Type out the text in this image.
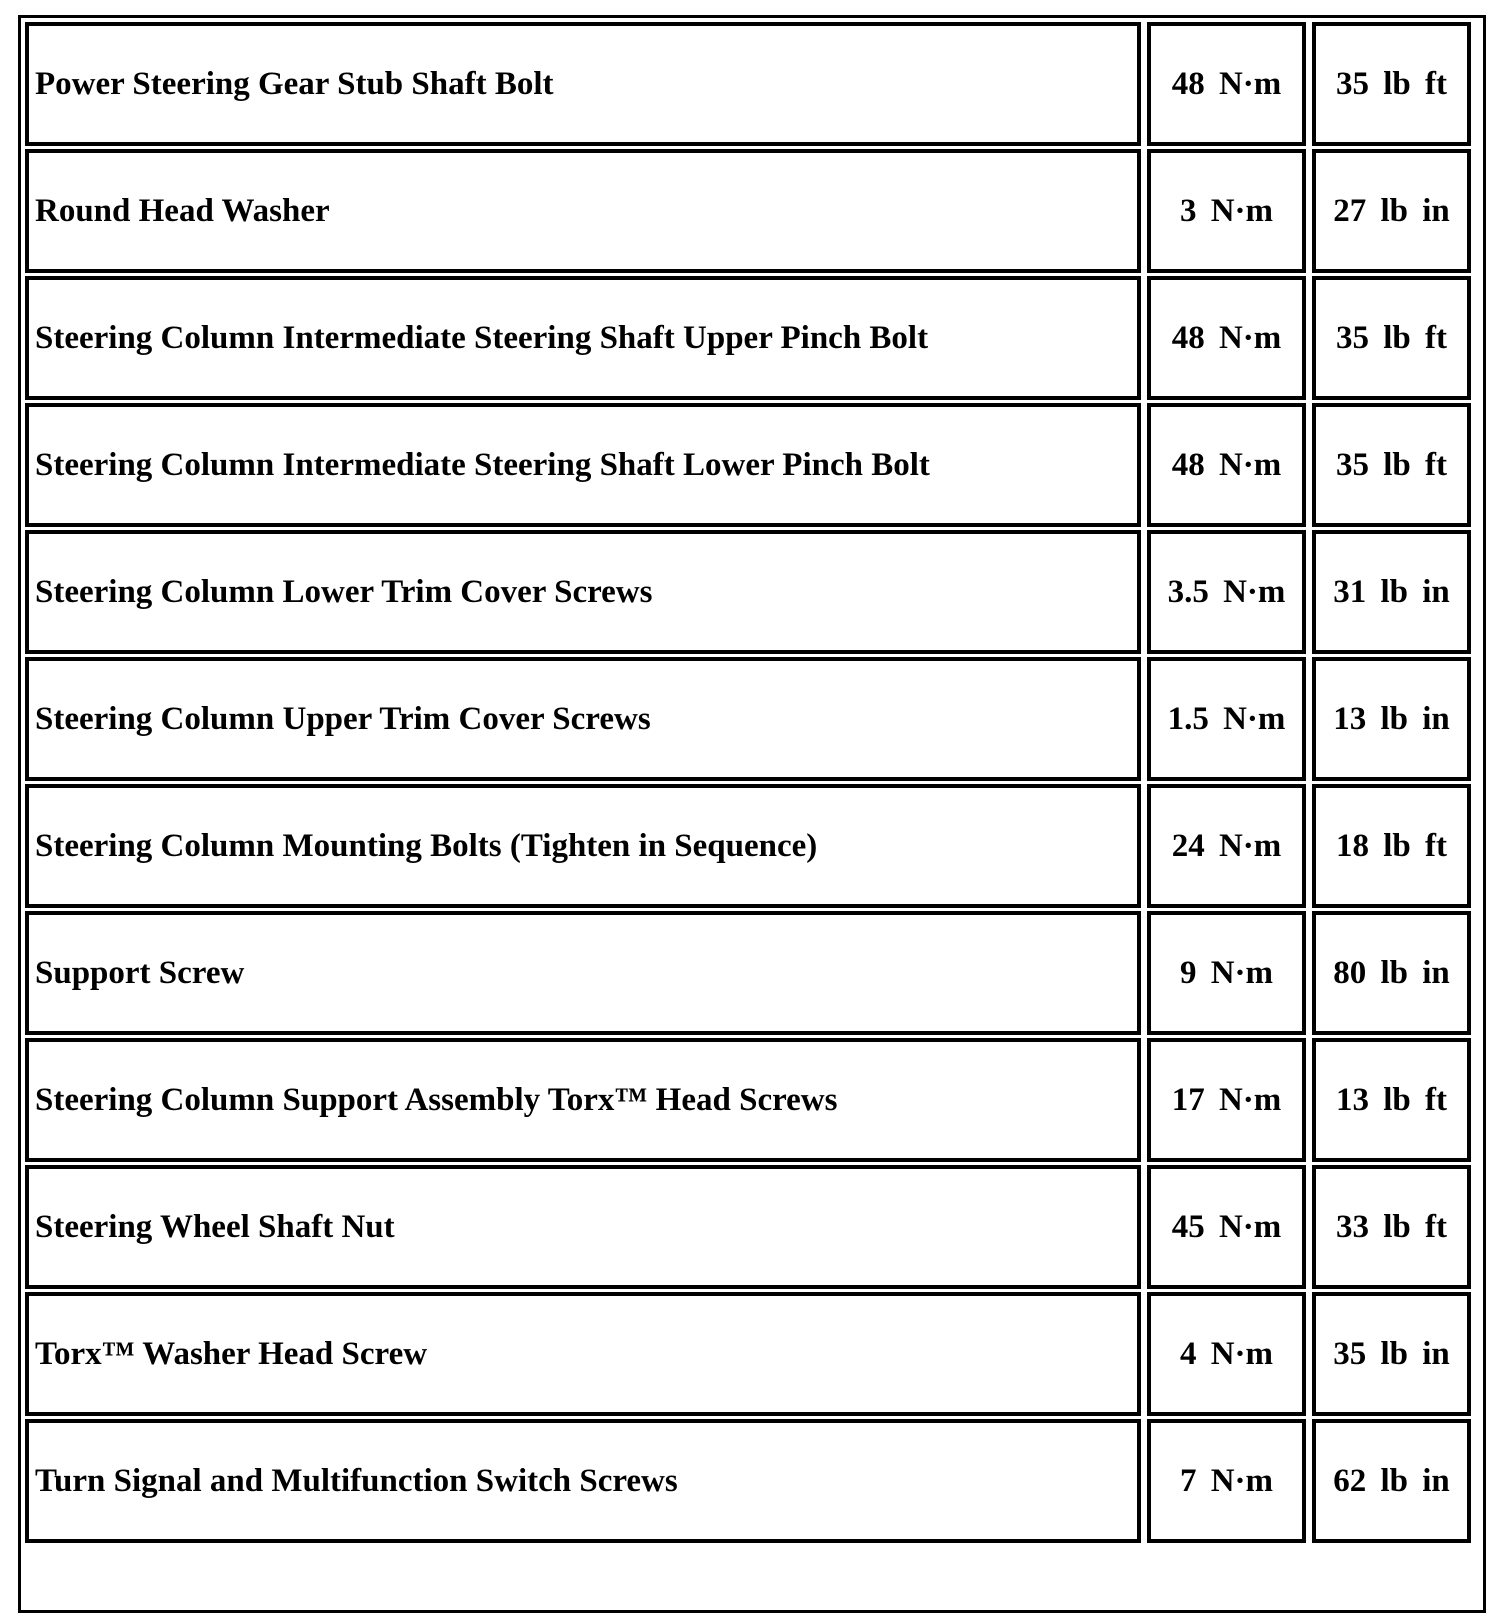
Power Steering Gear Stub Shaft Bolt	48 N·m	35 lb ft
Round Head Washer	3 N·m	27 lb in
Steering Column Intermediate Steering Shaft Upper Pinch Bolt	48 N·m	35 lb ft
Steering Column Intermediate Steering Shaft Lower Pinch Bolt	48 N·m	35 lb ft
Steering Column Lower Trim Cover Screws	3.5 N·m	31 lb in
Steering Column Upper Trim Cover Screws	1.5 N·m	13 lb in
Steering Column Mounting Bolts (Tighten in Sequence)	24 N·m	18 lb ft
Support Screw	9 N·m	80 lb in
Steering Column Support Assembly Torx™ Head Screws	17 N·m	13 lb ft
Steering Wheel Shaft Nut	45 N·m	33 lb ft
Torx™ Washer Head Screw	4 N·m	35 lb in
Turn Signal and Multifunction Switch Screws	7 N·m	62 lb in
